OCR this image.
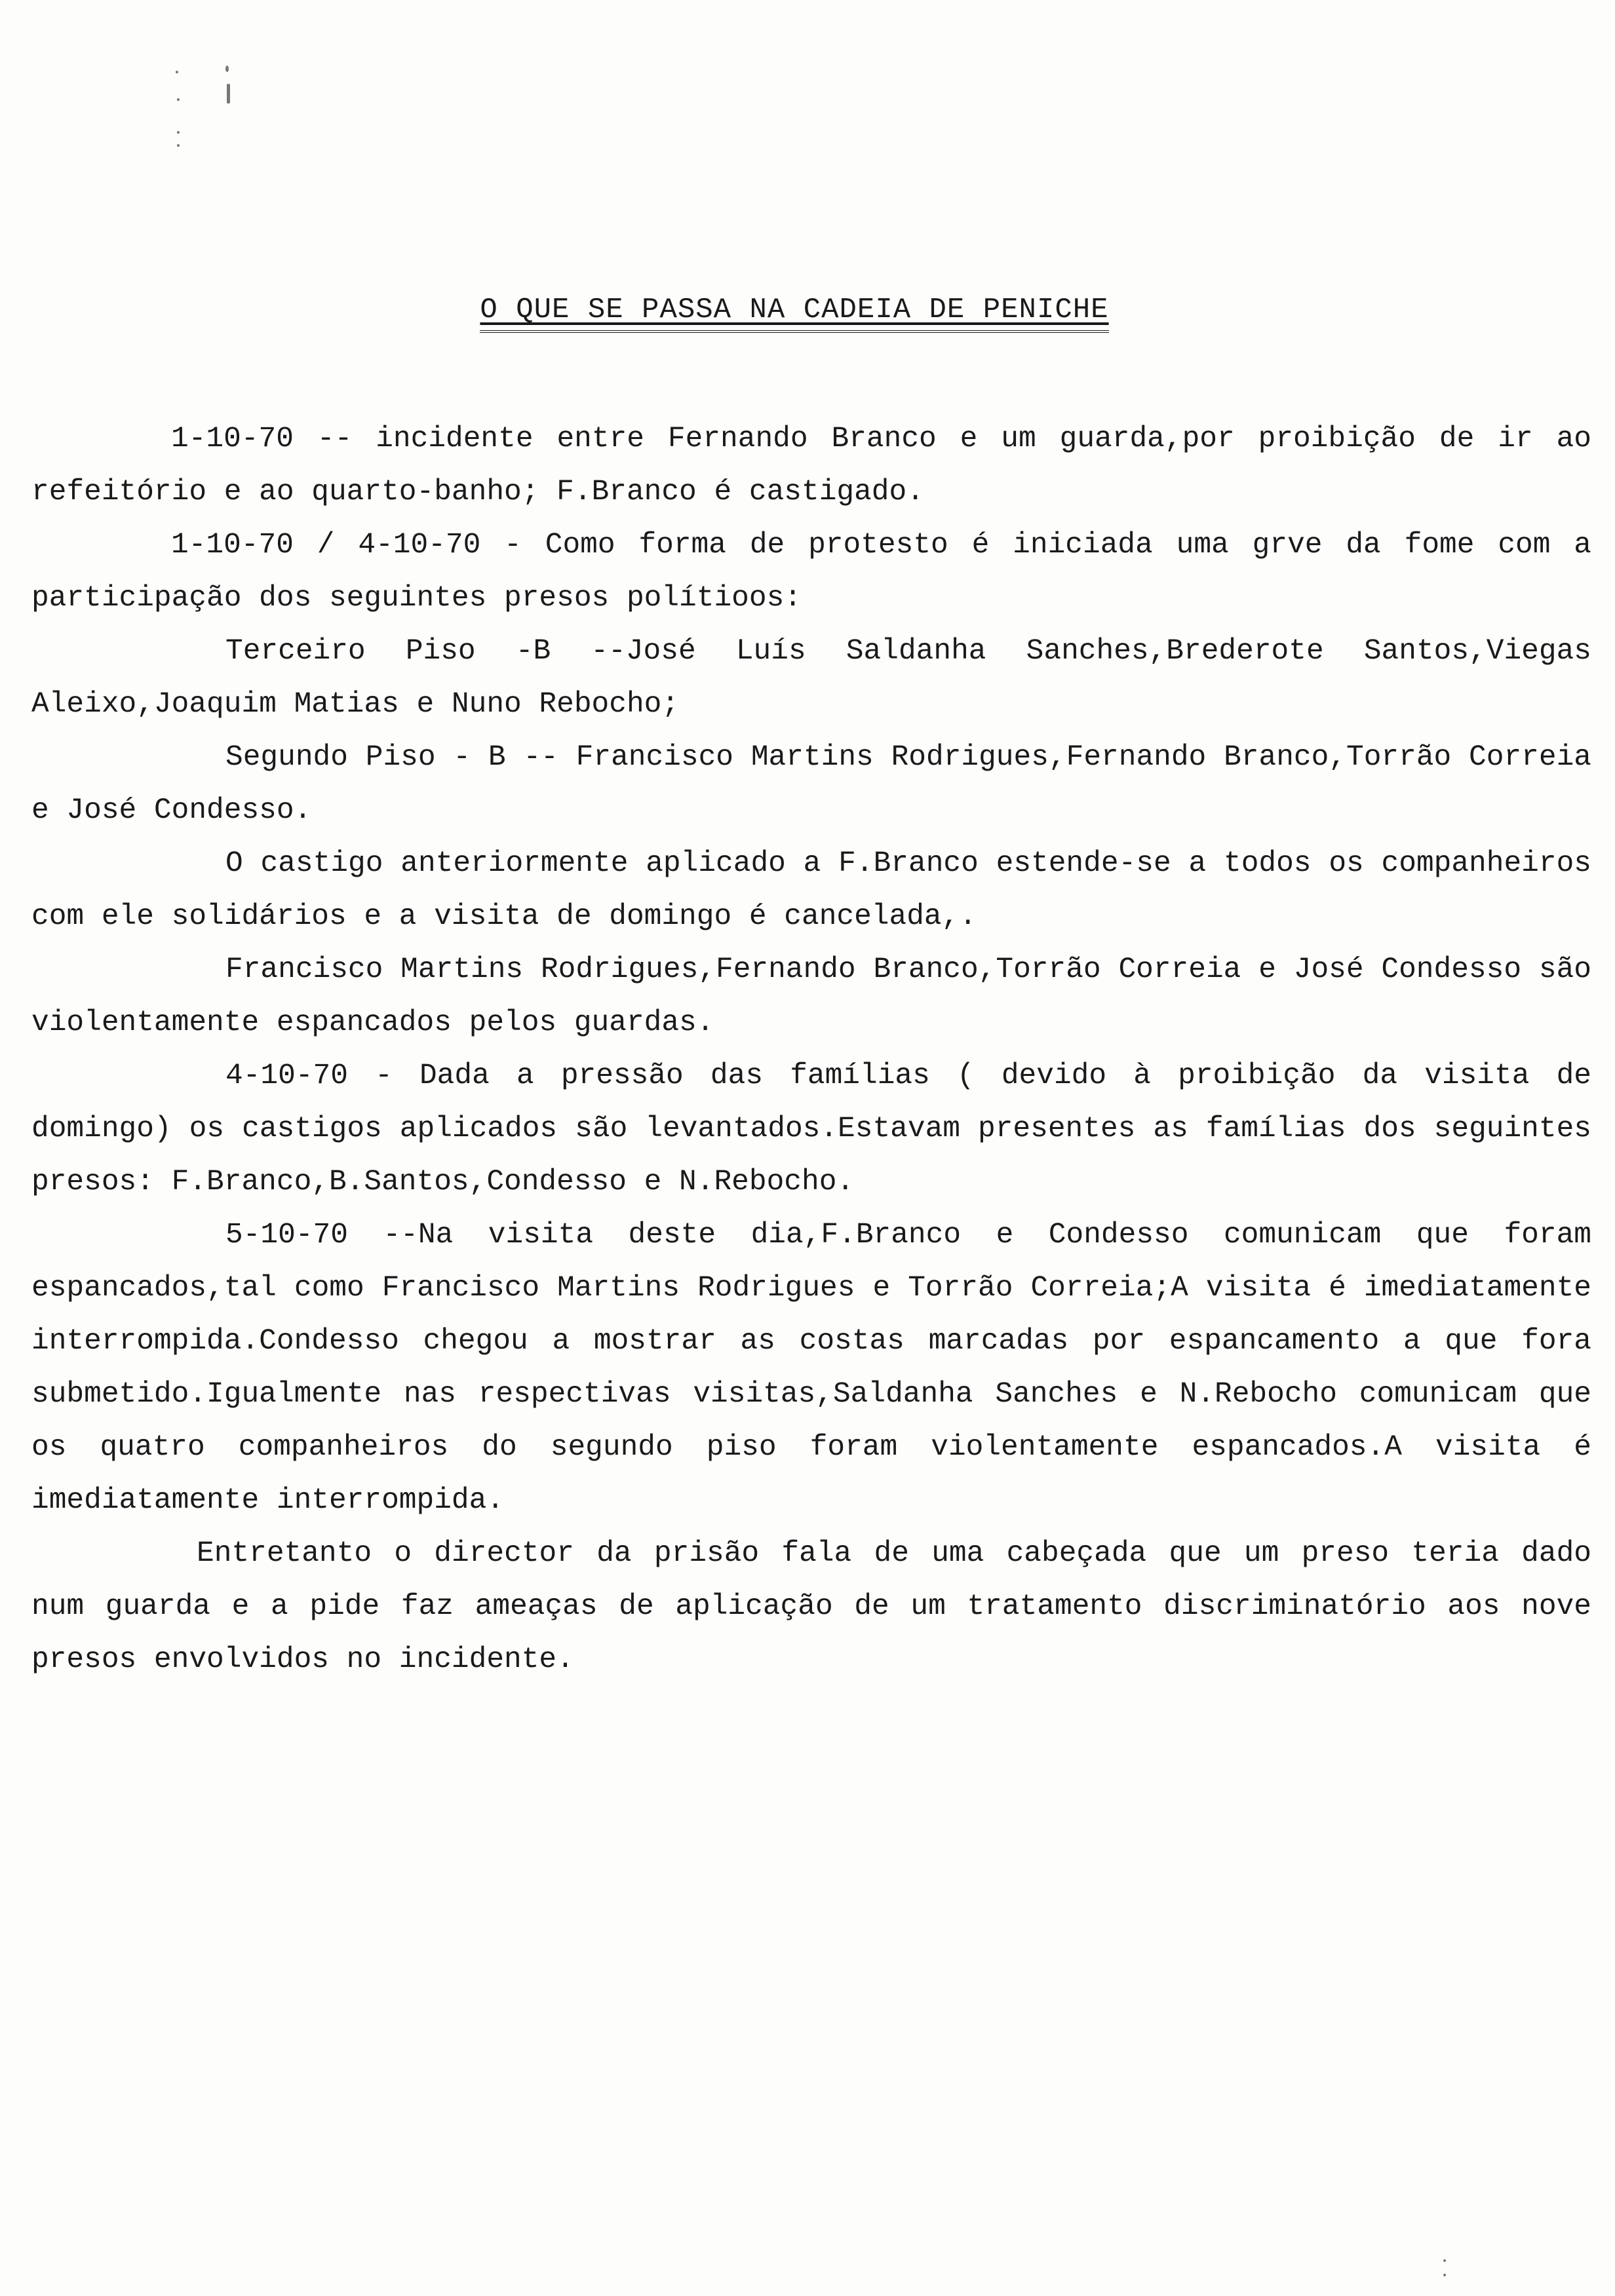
O QUE SE PASSA NA CADEIA DE PENICHE

1-10-70 -- incidente entre Fernando Branco e um guarda,por proibição de ir ao refeitório e ao quarto-banho; F.Branco é castigado.

1-10-70 / 4-10-70 - Como forma de protesto é iniciada uma grve da fome com a participação dos seguintes presos polítioos:

Terceiro Piso -B --José Luís Saldanha Sanches,Brederote Santos,Viegas Aleixo,Joaquim Matias e Nuno Rebocho;

Segundo Piso - B -- Francisco Martins Rodrigues,Fernando Branco,Torrão Correia e José Condesso.

O castigo anteriormente aplicado a F.Branco estende-se a todos os companheiros com ele solidários e a visita de domingo é cancelada,.

Francisco Martins Rodrigues,Fernando Branco,Torrão Correia e José Condesso são violentamente espancados pelos guardas.

4-10-70 - Dada a pressão das famílias ( devido à proibição da visita de domingo) os castigos aplicados são levantados.Estavam presentes as famílias dos seguintes presos: F.Branco,B.Santos,Condesso e N.Rebocho.

5-10-70 --Na visita deste dia,F.Branco e Condesso comunicam que foram espancados,tal como Francisco Martins Rodrigues e Torrão Correia;A visita é imediatamente interrompida.Condesso chegou a mostrar as costas marcadas por espancamento a que fora submetido.Igualmente nas respectivas visitas,Saldanha Sanches e N.Rebocho comunicam que os quatro companheiros do segundo piso foram violentamente espancados.A visita é imediatamente interrompida.

Entretanto o director da prisão fala de uma cabeçada que um preso teria dado num guarda e a pide faz ameaças de aplicação de um tratamento discriminatório aos nove presos envolvidos no incidente.
